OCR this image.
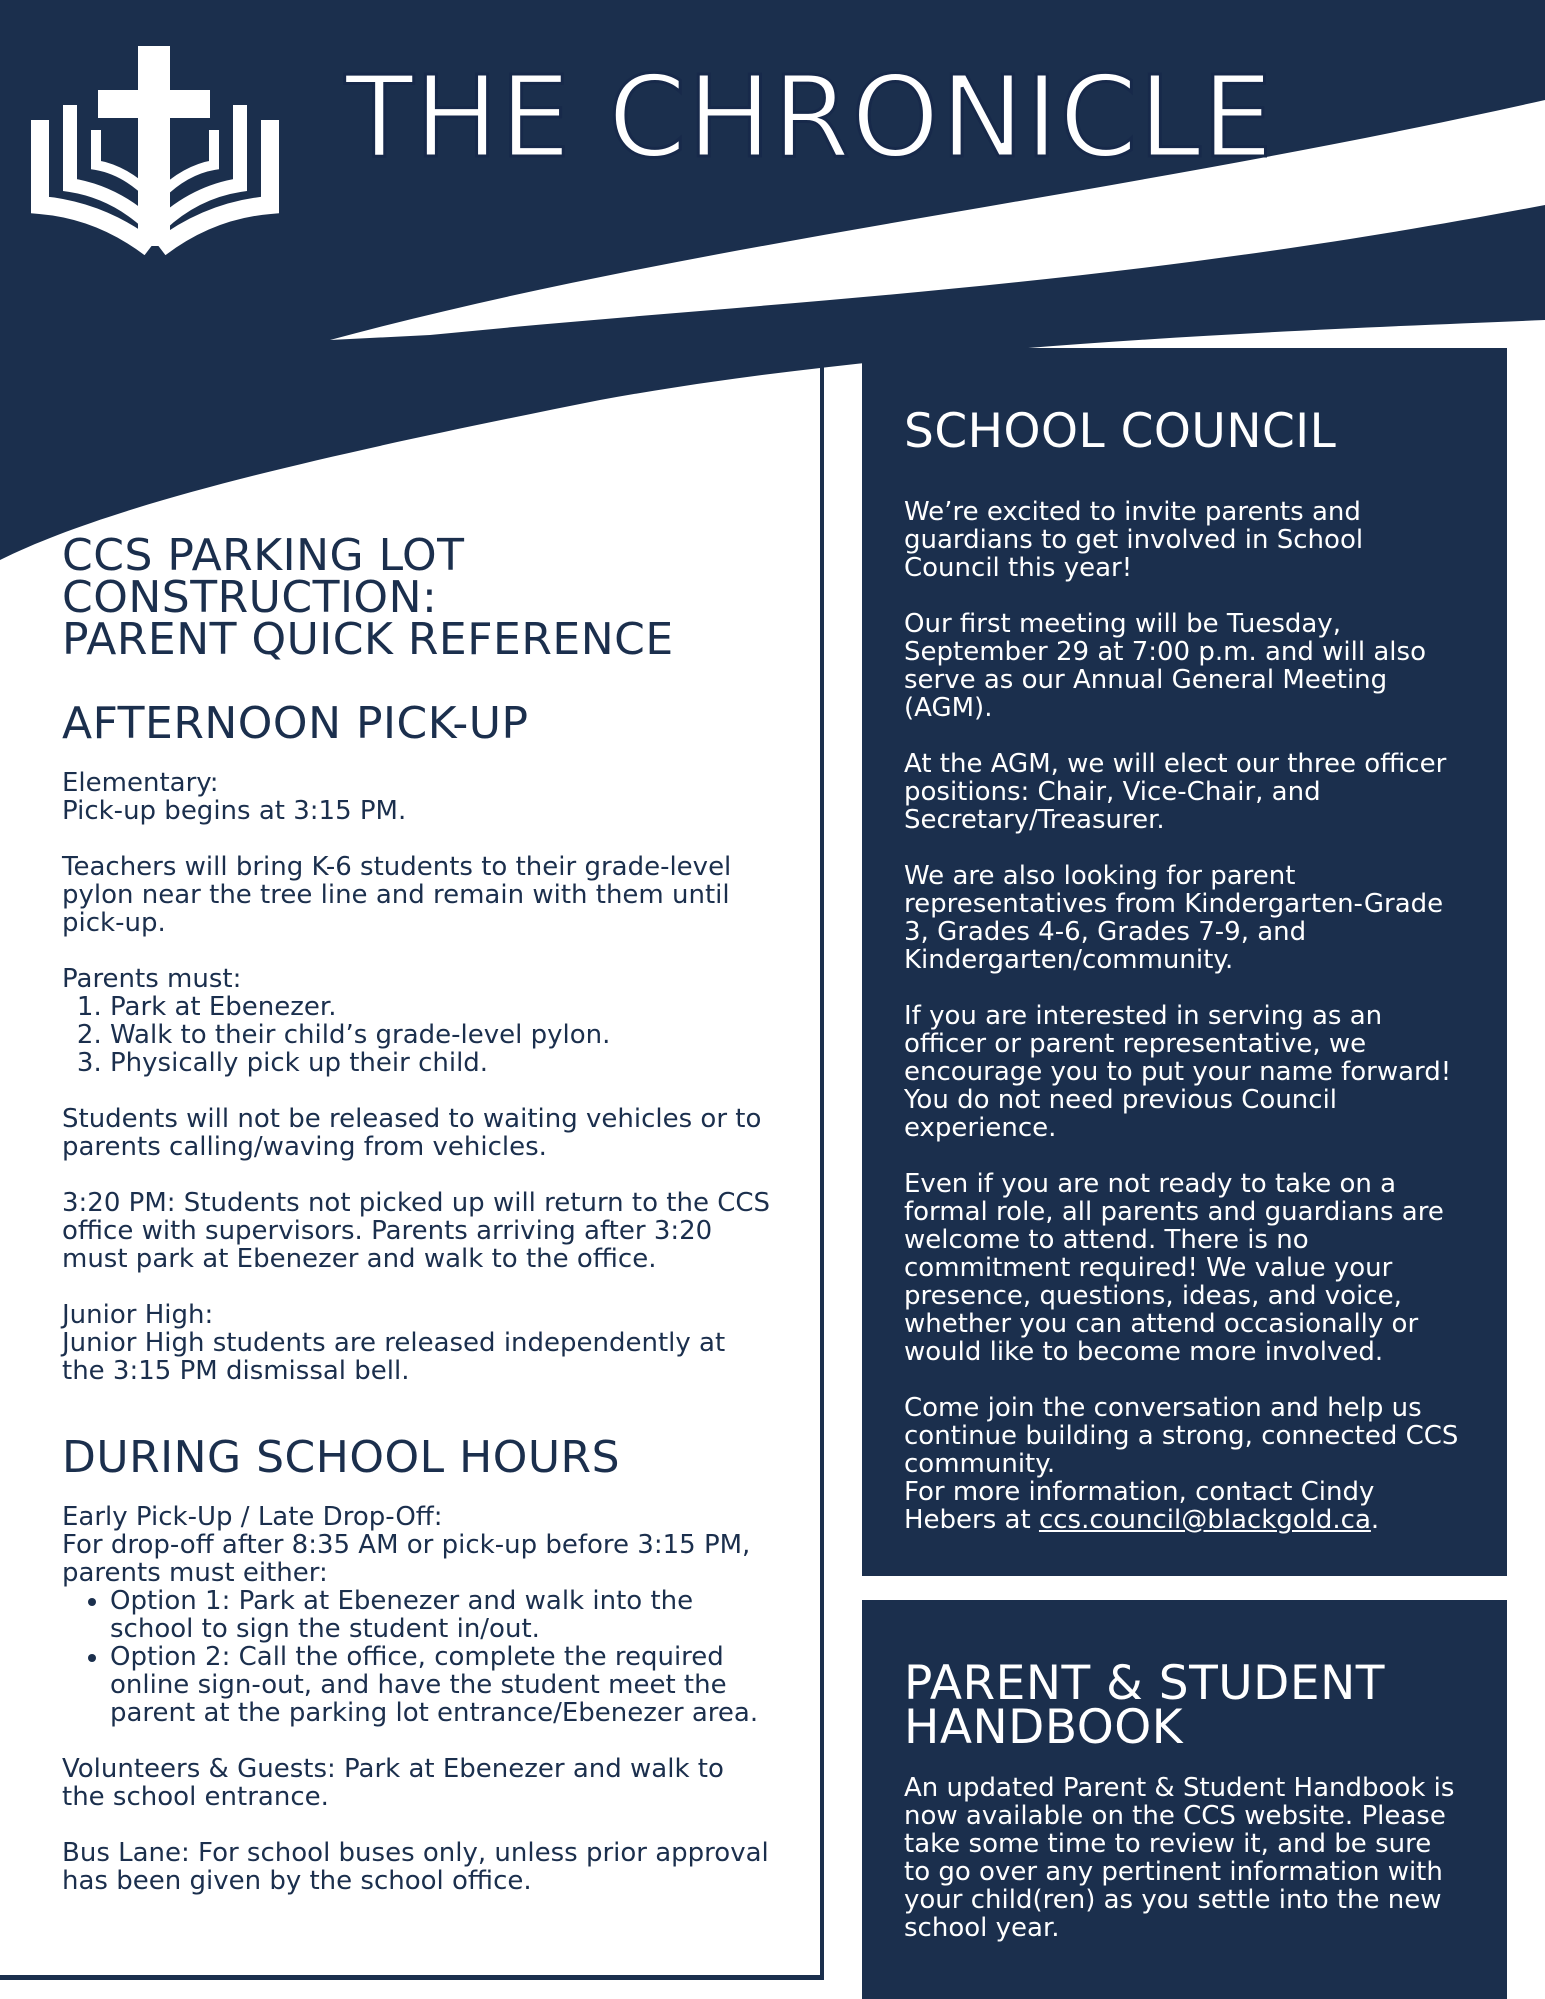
THE CHRONICLE
CCS PARKING LOT
CONSTRUCTION:
PARENT QUICK REFERENCE
AFTERNOON PICK-UP

Elementary:
Pick-up begins at 3:15 PM.

Teachers will bring K-6 students to their grade-level pylon near the tree line and remain with them until pick-up.

Parents must:

1. Park at Ebenezer.
2. Walk to their child’s grade-level pylon.
3. Physically pick up their child.

Students will not be released to waiting vehicles or to parents calling/waving from vehicles.

3:20 PM: Students not picked up will return to the CCS office with supervisors. Parents arriving after 3:20 must park at Ebenezer and walk to the office.

Junior High:
Junior High students are released independently at the 3:15 PM dismissal bell.

DURING SCHOOL HOURS

Early Pick-Up / Late Drop-Off:
For drop-off after 8:35 AM or pick-up before 3:15 PM, parents must either:

• Option 1: Park at Ebenezer and walk into the school to sign the student in/out.
• Option 2: Call the office, complete the required online sign-out, and have the student meet the parent at the parking lot entrance/Ebenezer area.

Volunteers & Guests: Park at Ebenezer and walk to the school entrance.

Bus Lane: For school buses only, unless prior approval has been given by the school office.

SCHOOL COUNCIL

We’re excited to invite parents and guardians to get involved in School Council this year!

Our first meeting will be Tuesday, September 29 at 7:00 p.m. and will also serve as our Annual General Meeting (AGM).

At the AGM, we will elect our three officer positions: Chair, Vice-Chair, and Secretary/Treasurer.

We are also looking for parent representatives from Kindergarten-Grade 3, Grades 4-6, Grades 7-9, and Kindergarten/community.

If you are interested in serving as an officer or parent representative, we encourage you to put your name forward! You do not need previous Council experience.

Even if you are not ready to take on a formal role, all parents and guardians are welcome to attend. There is no commitment required! We value your presence, questions, ideas, and voice, whether you can attend occasionally or would like to become more involved.

Come join the conversation and help us continue building a strong, connected CCS community.

For more information, contact Cindy Hebers at ccs.council@blackgold.ca.

PARENT & STUDENT
HANDBOOK

An updated Parent & Student Handbook is now available on the CCS website. Please take some time to review it, and be sure to go over any pertinent information with your child(ren) as you settle into the new school year.
